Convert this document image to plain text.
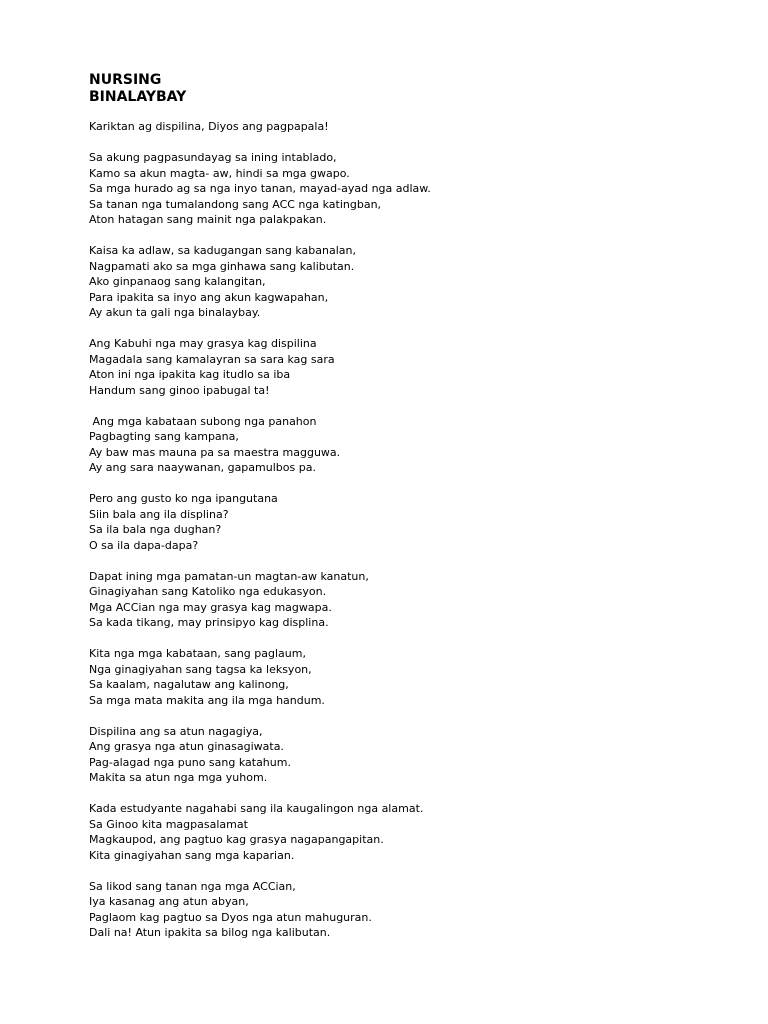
NURSING
BINALAYBAY
Kariktan ag dispilina, Diyos ang pagpapala!
Sa akung pagpasundayag sa ining intablado,
Kamo sa akun magta- aw, hindi sa mga gwapo.
Sa mga hurado ag sa nga inyo tanan, mayad-ayad nga adlaw.
Sa tanan nga tumalandong sang ACC nga katingban,
Aton hatagan sang mainit nga palakpakan.
Kaisa ka adlaw, sa kadugangan sang kabanalan,
Nagpamati ako sa mga ginhawa sang kalibutan.
Ako ginpanaog sang kalangitan,
Para ipakita sa inyo ang akun kagwapahan,
Ay akun ta gali nga binalaybay.
Ang Kabuhi nga may grasya kag dispilina
Magadala sang kamalayran sa sara kag sara
Aton ini nga ipakita kag itudlo sa iba
Handum sang ginoo ipabugal ta!
Ang mga kabataan subong nga panahon
Pagbagting sang kampana,
Ay baw mas mauna pa sa maestra magguwa.
Ay ang sara naaywanan, gapamulbos pa.
Pero ang gusto ko nga ipangutana
Siin bala ang ila displina?
Sa ila bala nga dughan?
O sa ila dapa-dapa?
Dapat ining mga pamatan-un magtan-aw kanatun,
Ginagiyahan sang Katoliko nga edukasyon.
Mga ACCian nga may grasya kag magwapa.
Sa kada tikang, may prinsipyo kag displina.
Kita nga mga kabataan, sang paglaum,
Nga ginagiyahan sang tagsa ka leksyon,
Sa kaalam, nagalutaw ang kalinong,
Sa mga mata makita ang ila mga handum.
Dispilina ang sa atun nagagiya,
Ang grasya nga atun ginasagiwata.
Pag-alagad nga puno sang katahum.
Makita sa atun nga mga yuhom.
Kada estudyante nagahabi sang ila kaugalingon nga alamat.
Sa Ginoo kita magpasalamat
Magkaupod, ang pagtuo kag grasya nagapangapitan.
Kita ginagiyahan sang mga kaparian.
Sa likod sang tanan nga mga ACCian,
Iya kasanag ang atun abyan,
Paglaom kag pagtuo sa Dyos nga atun mahuguran.
Dali na! Atun ipakita sa bilog nga kalibutan.
